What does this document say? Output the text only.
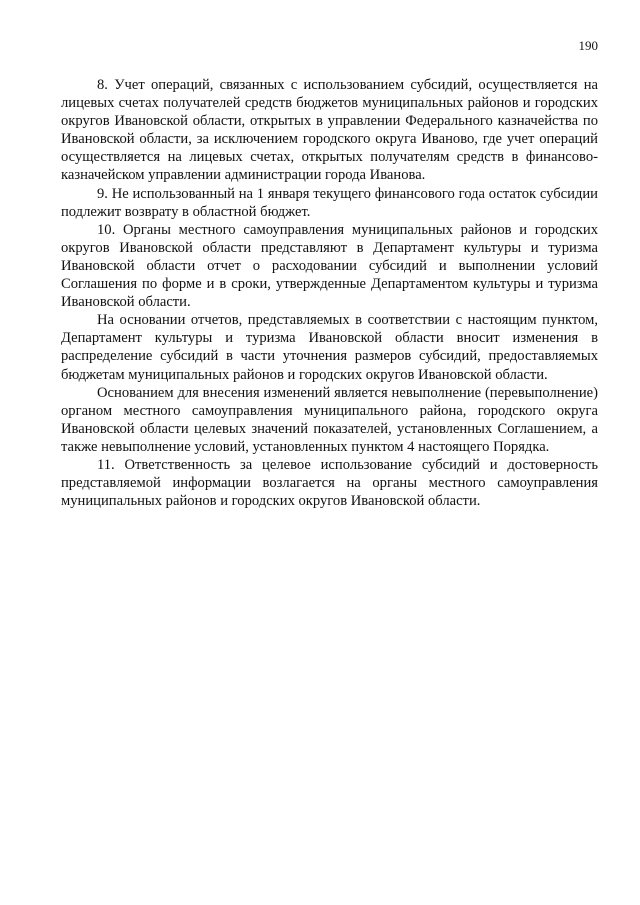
190

8. Учет операций, связанных с использованием субсидий, осуществляется на лицевых счетах получателей средств бюджетов муниципальных районов и городских округов Ивановской области, открытых в управлении Федерального казначейства по Ивановской области, за исключением городского округа Иваново, где учет операций осуществляется на лицевых счетах, открытых получателям средств в финансово-казначейском управлении администрации города Иванова.

9. Не использованный на 1 января текущего финансового года остаток субсидии подлежит возврату в областной бюджет.

10. Органы местного самоуправления муниципальных районов и городских округов Ивановской области представляют в Департамент культуры и туризма Ивановской области отчет о расходовании субсидий и выполнении условий Соглашения по форме и в сроки, утвержденные Департаментом культуры и туризма Ивановской области.

На основании отчетов, представляемых в соответствии с настоящим пунктом, Департамент культуры и туризма Ивановской области вносит изменения в распределение субсидий в части уточнения размеров субсидий, предоставляемых бюджетам муниципальных районов и городских округов Ивановской области.

Основанием для внесения изменений является невыполнение (перевыполнение) органом местного самоуправления муниципального района, городского округа Ивановской области целевых значений показателей, установленных Соглашением, а также невыполнение условий, установленных пунктом 4 настоящего Порядка.

11. Ответственность за целевое использование субсидий и достоверность представляемой информации возлагается на органы местного самоуправления муниципальных районов и городских округов Ивановской области.
